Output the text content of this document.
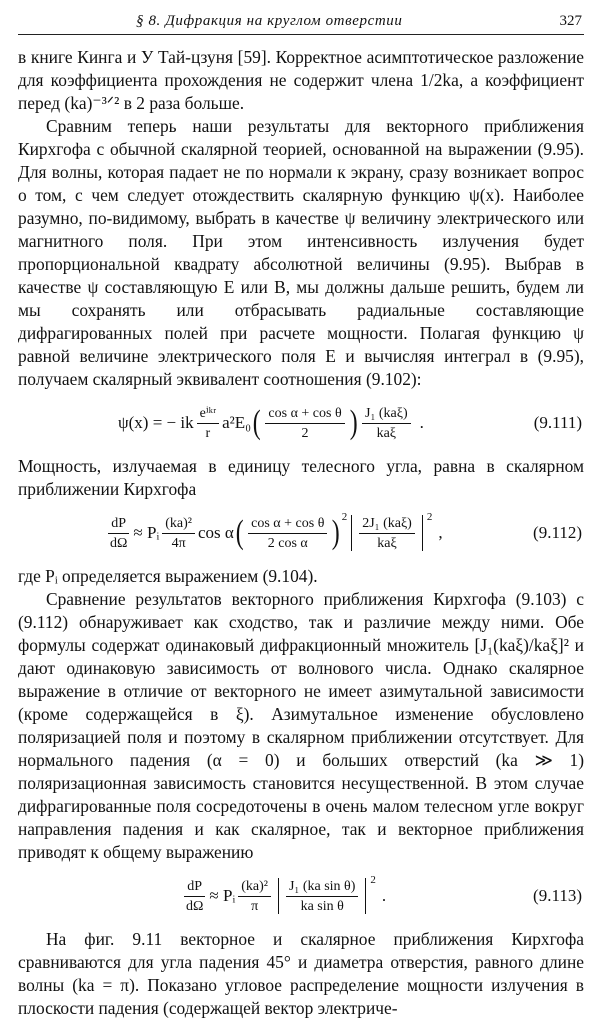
§ 8. Дифракция на круглом отверстии	327

в книге Кинга и У Тай-цзуня [59]. Корректное асимптотическое разложение для коэффициента прохождения не содержит члена 1/2ka, а коэффициент перед (ka)⁻³ᐟ² в 2 раза больше.

Сравним теперь наши результаты для векторного приближения Кирхгофа с обычной скалярной теорией, основанной на выражении (9.95). Для волны, которая падает не по нормали к экрану, сразу возникает вопрос о том, с чем следует отождествить скалярную функцию ψ(x). Наиболее разумно, по-видимому, выбрать в качестве ψ величину электрического или магнитного поля. При этом интенсивность излучения будет пропорциональной квадрату абсолютной величины (9.95). Выбрав в качестве ψ составляющую E или B, мы должны дальше решить, будем ли мы сохранять или отбрасывать радиальные составляющие дифрагированных полей при расчете мощности. Полагая функцию ψ равной величине электрического поля E и вычисляя интеграл в (9.95), получаем скалярный эквивалент соотношения (9.102):

ψ(x) = − ik $\frac{\text{eⁱᵏʳ}}{r} a^2E_0$ ( $\frac{\text{cos α + cos θ}}{2}$ ) $\frac{\text{J₁ (kaξ)}}{\text{kaξ}}$ .	(9.111)

Мощность, излучаемая в единицу телесного угла, равна в скалярном приближении Кирхгофа

$\frac{dP}{d\Omega}$ ≈ Pᵢ $\frac{\text{(ka)²}}{4\pi}$ cos α ( $\frac{\text{cos α + cos θ}}{\text{2 cos α}} )^2 \frac{\text{2J₁ (kaξ)}}{\text{kaξ}} ^2$
,	(9.112)

где Pᵢ определяется выражением (9.104).

Сравнение результатов векторного приближения Кирхгофа (9.103) с (9.112) обнаруживает как сходство, так и различие между ними. Обе формулы содержат одинаковый дифракционный множитель [J₁(kaξ)/kaξ]² и дают одинаковую зависимость от волнового числа. Однако скалярное выражение в отличие от векторного не имеет азимутальной зависимости (кроме содержащейся в ξ). Азимутальное изменение обусловлено поляризацией поля и поэтому в скалярном приближении отсутствует. Для нормального падения (α = 0) и больших отверстий (ka ≫ 1) поляризационная зависимость становится несущественной. В этом случае дифрагированные поля сосредоточены в очень малом телесном угле вокруг направления падения и как скалярное, так и векторное приближения приводят к общему выражению

$\frac{dP}{d\Omega}$ ≈ Pᵢ $\frac{\text{(ka)²}}{\pi} \frac{\text{J₁ (ka sin θ)}}{\text{ka sin θ}} ^2$
.	(9.113)

На фиг. 9.11 векторное и скалярное приближения Кирхгофа сравниваются для угла падения 45° и диаметра отверстия, равного длине волны (ka = π). Показано угловое распределение мощности излучения в плоскости падения (содержащей вектор электриче-
